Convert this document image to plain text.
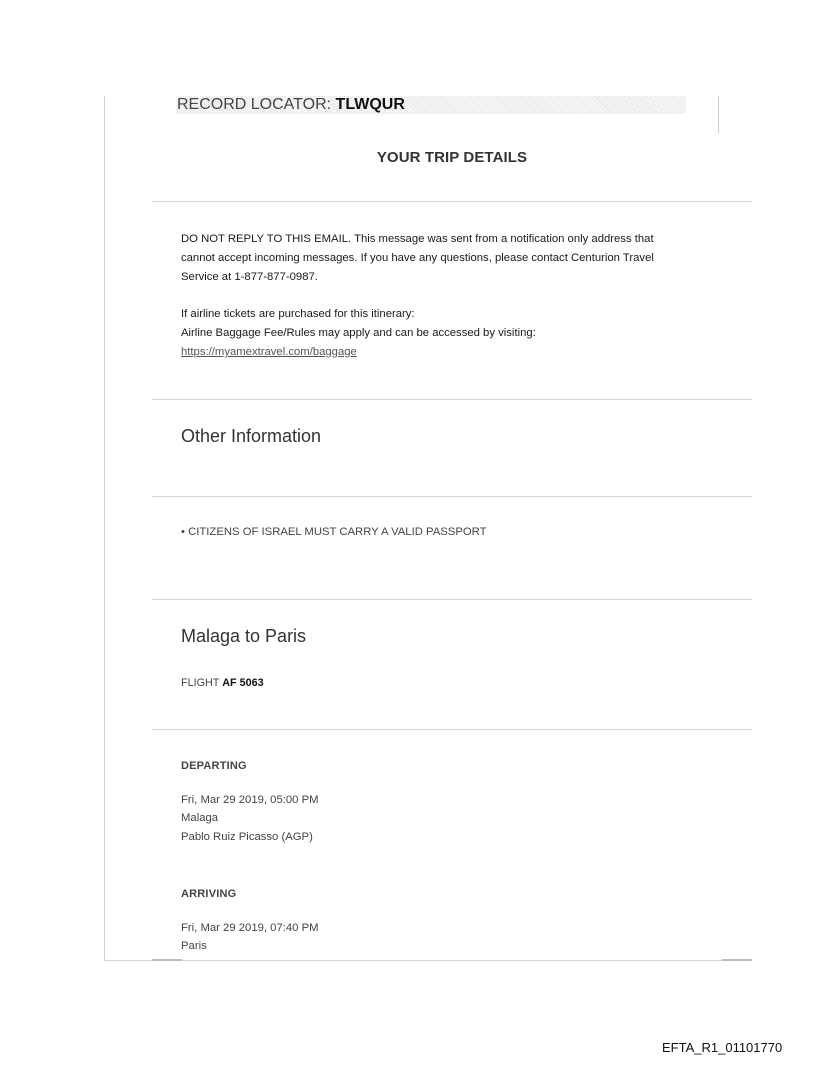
RECORD LOCATOR: TLWQUR
YOUR TRIP DETAILS

DO NOT REPLY TO THIS EMAIL. This message was sent from a notification only address that

cannot accept incoming messages. If you have any questions, please contact Centurion Travel

Service at 1-877-877-0987.

If airline tickets are purchased for this itinerary:

Airline Baggage Fee/Rules may apply and can be accessed by visiting:

https://myamextravel.com/baggage

Other Information
• CITIZENS OF ISRAEL MUST CARRY A VALID PASSPORT
Malaga to Paris
FLIGHT AF 5063
DEPARTING
Fri, Mar 29 2019, 05:00 PM
Malaga
Pablo Ruiz Picasso (AGP)
ARRIVING
Fri, Mar 29 2019, 07:40 PM
Paris
EFTA_R1_01101770
